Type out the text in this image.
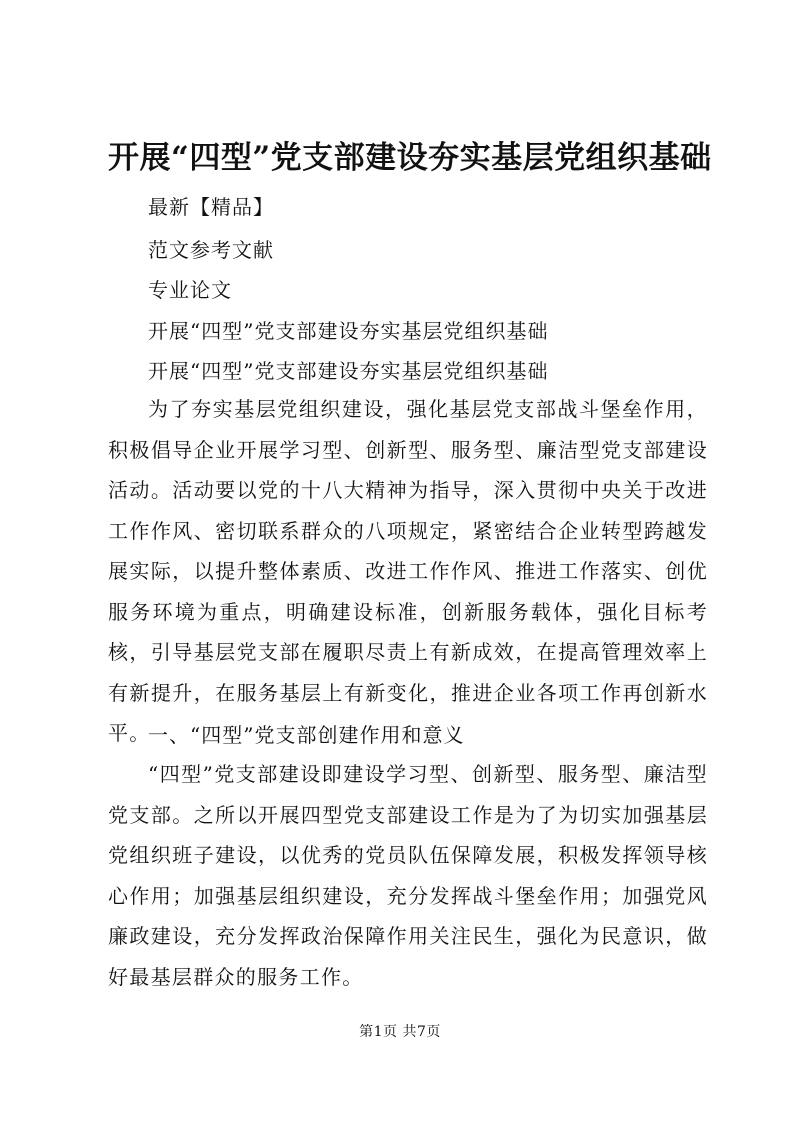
开展“四型”党支部建设夯实基层党组织基础
最新【精品】
范文参考文献
专业论文
开展“四型”党支部建设夯实基层党组织基础
开展“四型”党支部建设夯实基层党组织基础
为了夯实基层党组织建设，强化基层党支部战斗堡垒作用，积极倡导企业开展学习型、创新型、服务型、廉洁型党支部建设活动。活动要以党的十八大精神为指导，深入贯彻中央关于改进工作作风、密切联系群众的八项规定，紧密结合企业转型跨越发展实际，以提升整体素质、改进工作作风、推进工作落实、创优服务环境为重点，明确建设标准，创新服务载体，强化目标考核，引导基层党支部在履职尽责上有新成效，在提高管理效率上有新提升，在服务基层上有新变化，推进企业各项工作再创新水平。
一、“四型”党支部创建作用和意义
“四型”党支部建设即建设学习型、创新型、服务型、廉洁型党支部。之所以开展四型党支部建设工作是为了为切实加强基层党组织班子建设，以优秀的党员队伍保障发展，积极发挥领导核心作用；加强基层组织建设，充分发挥战斗堡垒作用；加强党风廉政建设，充分发挥政治保障作用关注民生，强化为民意识，做好最基层群众的服务工作。
第1页 共7页
